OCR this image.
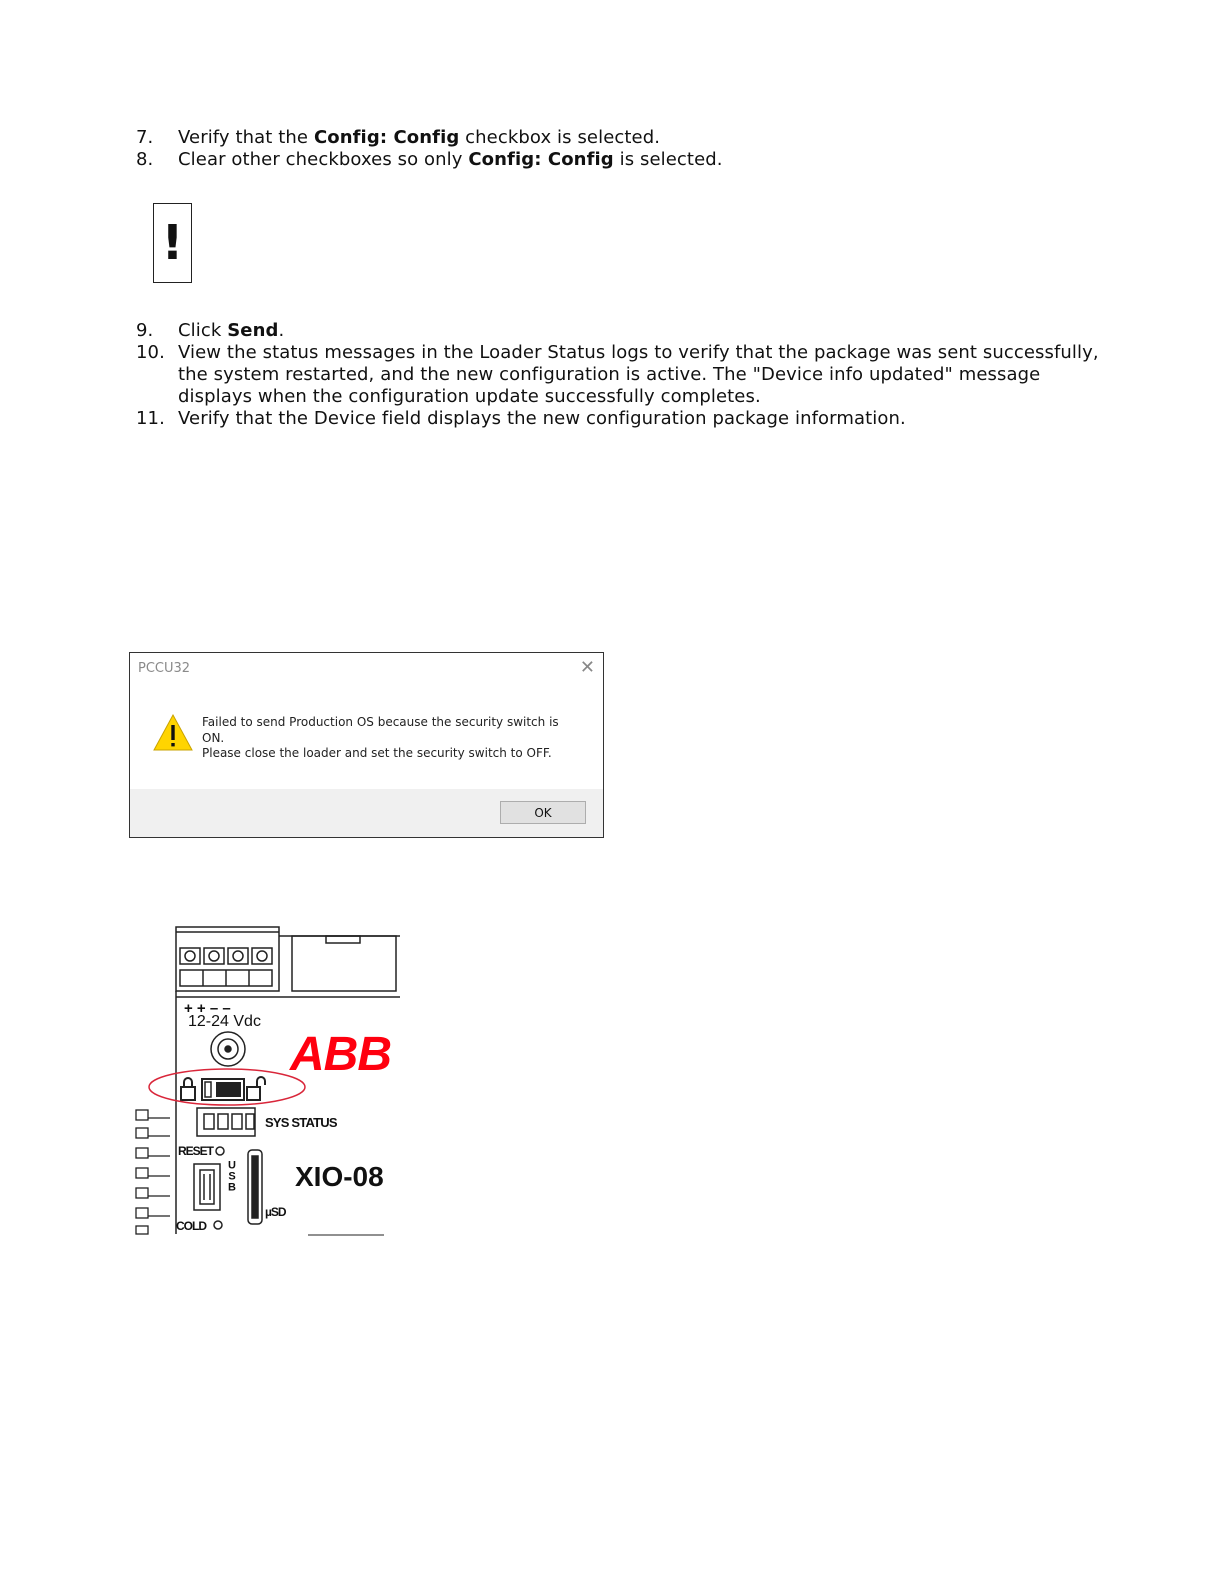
7.	Verify that the Config: Config checkbox is selected.
8.	Clear other checkboxes so only Config: Config is selected.
!
9.	Click Send.
10. View the status messages in the Loader Status logs to verify that the package was sent successfully, the system restarted, and the new configuration is active. The "Device info updated" message displays when the configuration update successfully completes.
11. Verify that the Device field displays the new configuration package information.
PCCU32	✕
Failed to send Production OS because the security switch is ON.
Please close the loader and set the security switch to OFF.
OK
+ + – –
12-24 Vdc
ABB
SYS STATUS
RESET
USB
µSD
COLD
XIO-08
